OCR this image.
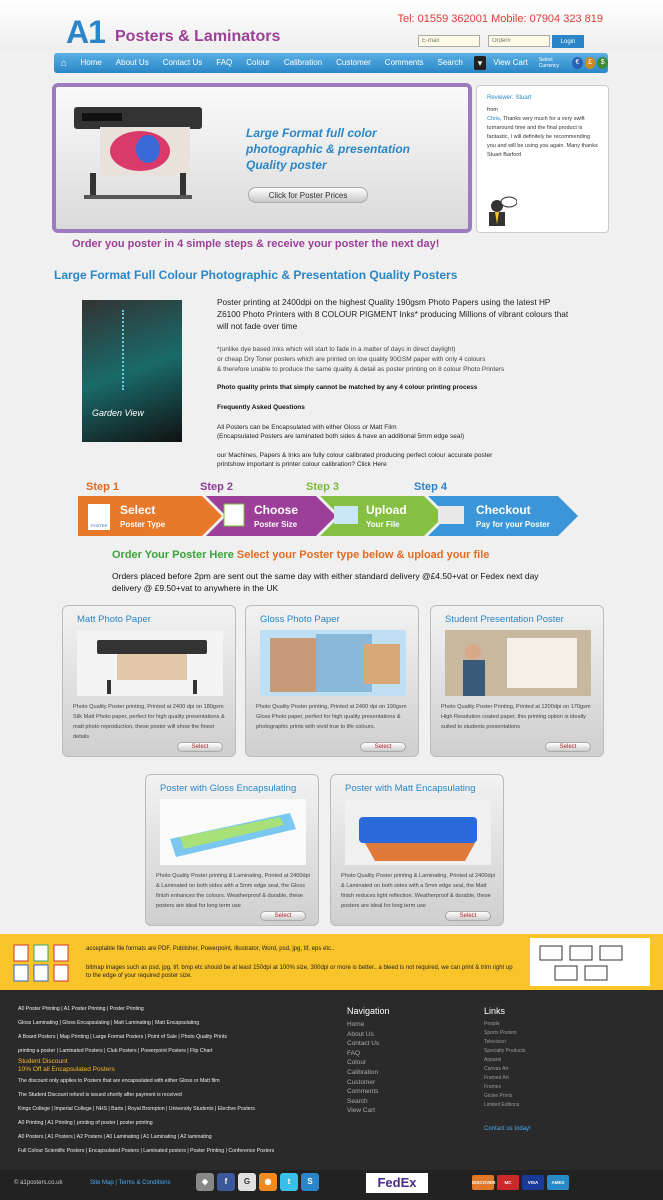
A1 Posters & Laminators
Tel: 01559 362001 Mobile: 07904 323 819
E-mail
Order#
Login
⌂	Home	About Us	Contact Us	FAQ	Colour	Calibration	Customer	Comments	Search	▾	View Cart	Select Currency	€	£	$
Large Format full color photographic & presentation Quality poster
Click for Poster Prices
Reviewer: Stuart
from
Chris, Thanks very much for a very swift turnaround time and the final product is fantastic, I will definitely be recommending you and will be using you again. Many thanks
Stuart Barford
Order you poster in 4 simple steps & receive your poster the next day!
Large Format Full Colour Photographic & Presentation Quality Posters
Garden View
Poster printing at 2400dpi on the highest Quality 190gsm Photo Papers using the latest HP Z6100 Photo Printers with 8 COLOUR PIGMENT Inks* producing Millions of vibrant colours that will not fade over time
*(unlike dye based inks which will start to fade in a matter of days in direct daylight)
or cheap Dry Toner posters which are printed on low quality 90GSM paper with only 4 colours
& therefore unable to produce the same quality & detail as poster printing on 8 colour Photo Printers
Photo quality prints that simply cannot be matched by any 4 colour printing process
Frequently Asked Questions
All Posters can be Encapsulated with either Gloss or Matt Film
(Encapsulated Posters are laminated both sides & have an additional 5mm edge seal)
our Machines, Papers & Inks are fully colour calibrated producing perfect colour accurate poster
printshow important is printer colour calibration? Click Here
Step 1	Step 2	Step 3	Step 4
POSTER
Select
Poster Type
Choose
Poster Size
Upload
Your File
Checkout
Pay for your Poster
Order Your Poster Here Select your Poster type below & upload your file
Orders placed before 2pm are sent out the same day with either standard delivery @£4.50+vat or Fedex next day delivery @ £9.50+vat to anywhere in the UK
Matt Photo Paper
Photo Quality Poster printing, Printed at 2400 dpi on 180gsm Silk Matt Photo paper, perfect for high quality presentations & matt photo reproduction, these poster will show the finest details
Select
Gloss Photo Paper
Photo Quality Poster printing, Printed at 2400 dpi on 190gsm Gloss Photo paper, perfect for high quality presentations & photographic prints with vivid true to life colours.
Select
Student Presentation Poster
Photo Quality Poster Printing, Printed at 1200dpi on 170gsm High Resolution coated paper, this printing option is ideally suited to students presentations
Select
Poster with Gloss Encapsulating
Photo Quality Poster printing & Laminating, Printed at 2400dpi & Laminated on both sides with a 5mm edge seal, the Gloss finish enhances the colours. Weatherproof & durable, these posters are ideal for long term use
Select
Poster with Matt Encapsulating
Photo Quality Poster printing & Laminating, Printed at 2400dpi & Laminated on both sides with a 5mm edge seal, the Matt finish reduces light reflection. Weatherproof & durable, these posters are ideal for long term use
Select
acceptable file formats are PDF, Publisher, Powerpoint, Illustrator, Word, psd, jpg, tif, eps etc..
bitmap images such as psd, jpg, tif, bmp etc should be at least 150dpi at 100% size, 300dpi or more is better.. a bleed is not required, we can print & trim right up to the edge of your required poster size.
A0 Poster Printing | A1 Poster Printing | Poster Printing
Gloss Laminating | Gloss Encapsulating | Matt Laminating | Matt Encapsulating
A Board Posters | Map Printing | Large Format Posters | Point of Sale | Photo Quality Prints
printing a poster | Laminated Posters | Club Posters | Powerpoint Posters | Flip Chart
Student Discount
10% Off all Encapsulated Posters
The discount only applies to Posters that are encapsulated with either Gloss or Matt film
The Student Discount refund is issued shortly after payment is received
Kings College | Imperial College | NHS | Barts | Royal Brompton | University Students | Elective Posters
A0 Printing | A1 Printing | printing of poster | poster printing
A0 Posters | A1 Posters | A2 Posters | A0 Laminating | A1 Laminating | A2 laminating
Full Colour Scientific Posters | Encapsulated Posters | Laminated posters | Poster Printing | Conference Posters
Navigation
Home
About Us
Contact Us
FAQ
Colour
Calibration
Customer
Comments
Search
View Cart
Links
People
Sports Posters
Television
Specialty Products
Apparel
Canvas Art
Framed Art
Frames
Giclee Prints
Limited Editions
Contact us today!
© a1posters.co.uk	Site Map | Terms & Conditions	◆	f	G	◉	t	S	FedEx	DISCOVER	MC	VISA	AMEX
